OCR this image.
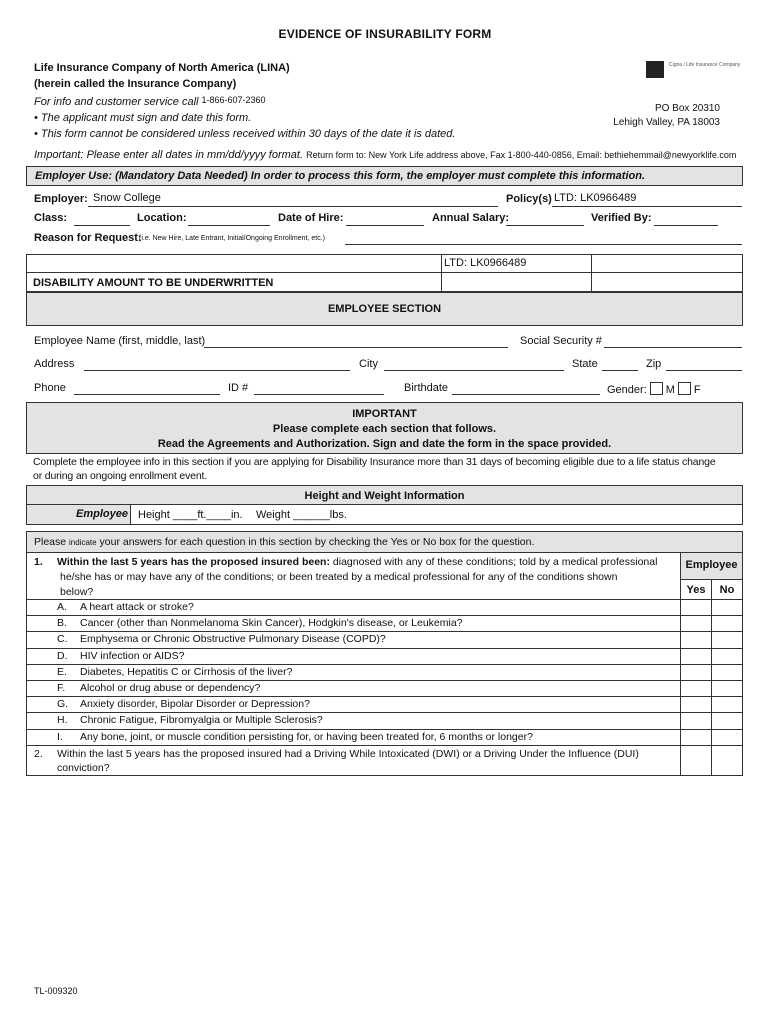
EVIDENCE OF INSURABILITY FORM
Life Insurance Company of North America (LINA)
(herein called the Insurance Company)
For info and customer service call 1-866-607-2360
• The applicant must sign and date this form.
• This form cannot be considered unless received within 30 days of the date it is dated.
Cigna / Life Insurance Company
PO Box 20310
Lehigh Valley, PA 18003
Important: Please enter all dates in mm/dd/yyyy format. Return form to: New York Life address above, Fax 1-800-440-0856, Email: bethiehemmail@newyorklife.com
Employer Use: (Mandatory Data Needed) In order to process this form, the employer must complete this information.
Employer: Snow College	Policy(s) LTD: LK0966489
Class:	Location:	Date of Hire:	Annual Salary:	Verified By:
Reason for Request:
(i.e. New Hire, Late Entrant, Initial/Ongoing Enrollment, etc.)
LTD: LK0966489
DISABILITY AMOUNT TO BE UNDERWRITTEN
EMPLOYEE SECTION
Employee Name (first, middle, last)	Social Security #
Address	City	State	Zip
Phone	ID #	Birthdate	Gender: M F
IMPORTANT
Please complete each section that follows.
Read the Agreements and Authorization. Sign and date the form in the space provided.
Complete the employee info in this section if you are applying for Disability Insurance more than 31 days of becoming eligible due to a life status change
or during an ongoing enrollment event.
Height and Weight Information
Employee Height ____ft.____in. Weight ______lbs.
Please indicate your answers for each question in this section by checking the Yes or No box for the question.
Employee
Yes	No
1. Within the last 5 years has the proposed insured been: diagnosed with any of these conditions; told by a medical professional
he/she has or may have any of the conditions; or been treated by a medical professional for any of the conditions shown
below?
A. A heart attack or stroke?
B. Cancer (other than Nonmelanoma Skin Cancer), Hodgkin's disease, or Leukemia?
C. Emphysema or Chronic Obstructive Pulmonary Disease (COPD)?
D. HIV infection or AIDS?
E. Diabetes, Hepatitis C or Cirrhosis of the liver?
F. Alcohol or drug abuse or dependency?
G. Anxiety disorder, Bipolar Disorder or Depression?
H. Chronic Fatigue, Fibromyalgia or Multiple Sclerosis?
I. Any bone, joint, or muscle condition persisting for, or having been treated for, 6 months or longer?
2. Within the last 5 years has the proposed insured had a Driving While Intoxicated (DWI) or a Driving Under the Influence (DUI)
conviction?
TL-009320
